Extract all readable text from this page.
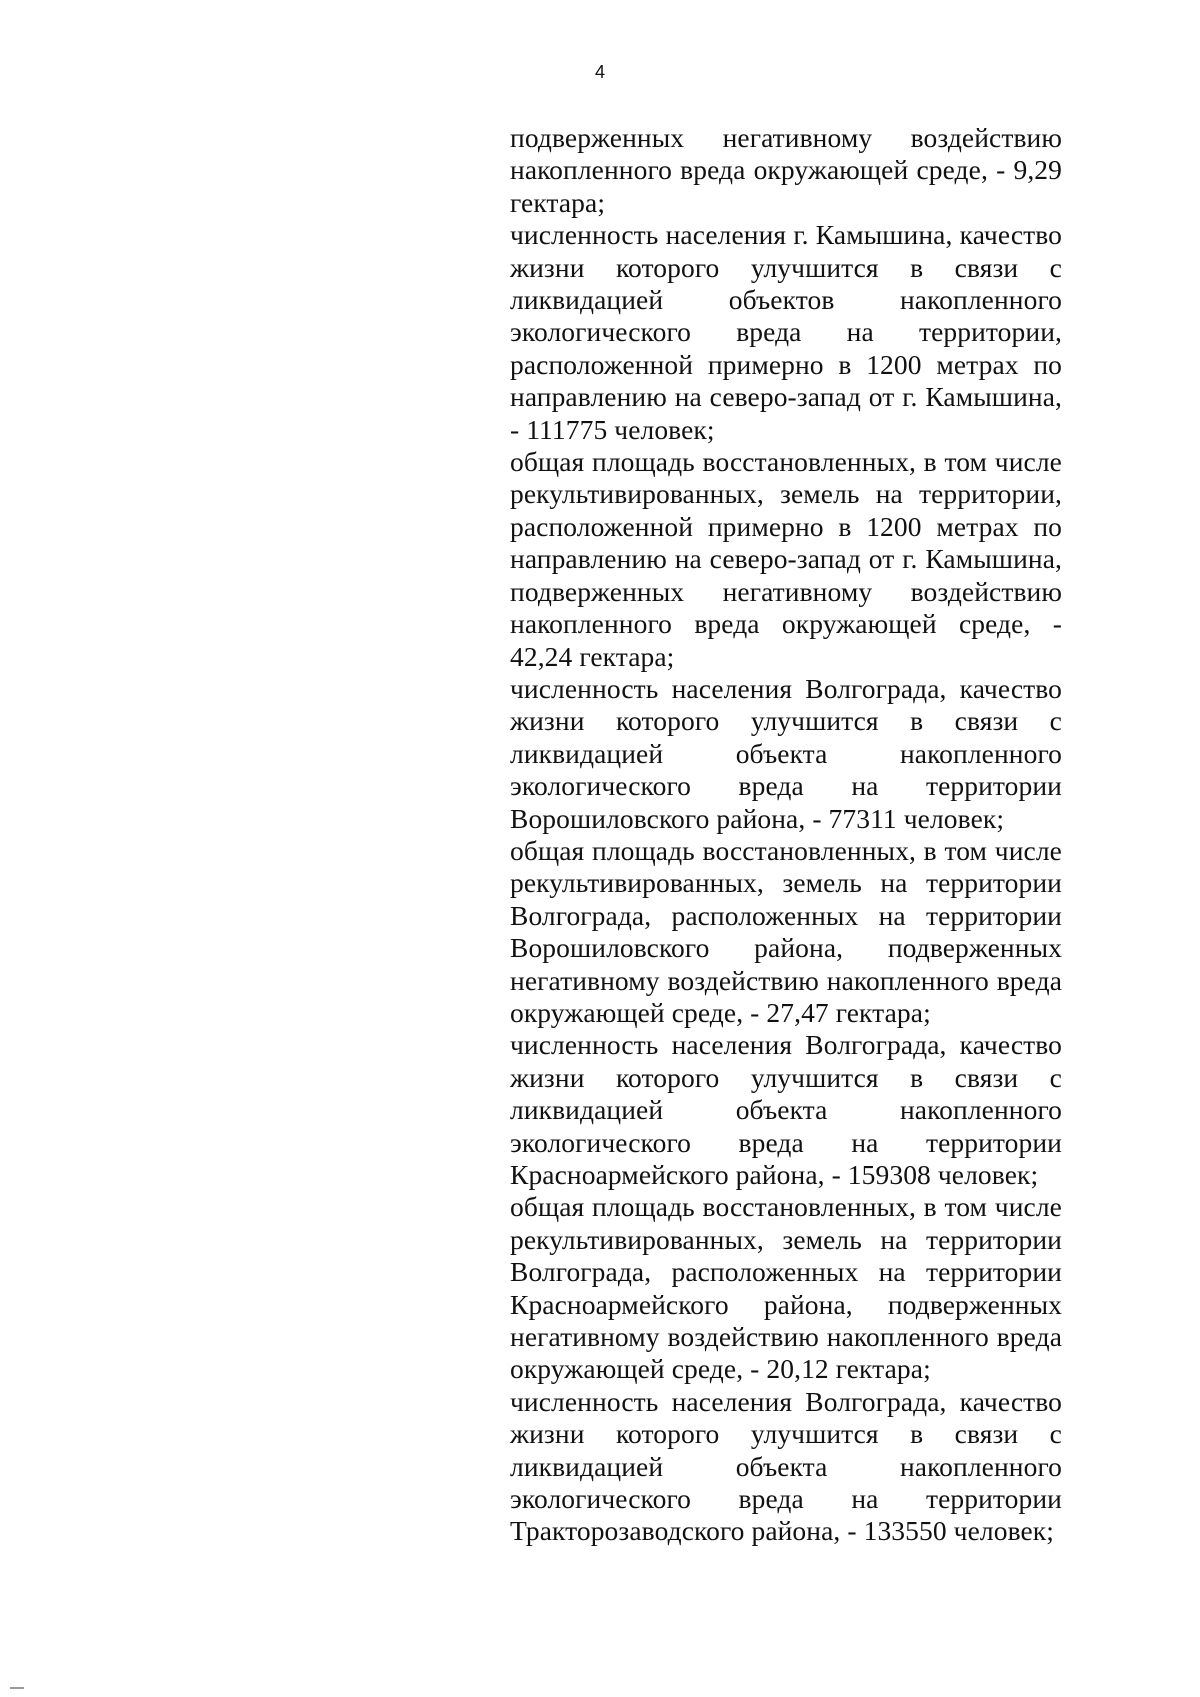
4

подверженных негативному воздействию накопленного вреда окружающей среде, - 9,29 гектара;

численность населения г. Камышина, качество жизни которого улучшится в связи с ликвидацией объектов накопленного экологического вреда на территории, расположенной примерно в 1200 метрах по направлению на северо-запад от г. Камышина, - 111775 человек;

общая площадь восстановленных, в том числе рекультивированных, земель на территории, расположенной примерно в 1200 метрах по направлению на северо-запад от г. Камышина, подверженных негативному воздействию накопленного вреда окружающей среде, - 42,24 гектара;

численность населения Волгограда, качество жизни которого улучшится в связи с ликвидацией объекта накопленного экологического вреда на территории Ворошиловского района, - 77311 человек;

общая площадь восстановленных, в том числе рекультивированных, земель на территории Волгограда, расположенных на территории Ворошиловского района, подверженных негативному воздействию накопленного вреда окружающей среде, - 27,47 гектара;

численность населения Волгограда, качество жизни которого улучшится в связи с ликвидацией объекта накопленного экологического вреда на территории Красноармейского района, - 159308 человек;

общая площадь восстановленных, в том числе рекультивированных, земель на территории Волгограда, расположенных на территории Красноармейского района, подверженных негативному воздействию накопленного вреда окружающей среде, - 20,12 гектара;

численность населения Волгограда, качество жизни которого улучшится в связи с ликвидацией объекта накопленного экологического вреда на территории Тракторозаводского района, - 133550 человек;
